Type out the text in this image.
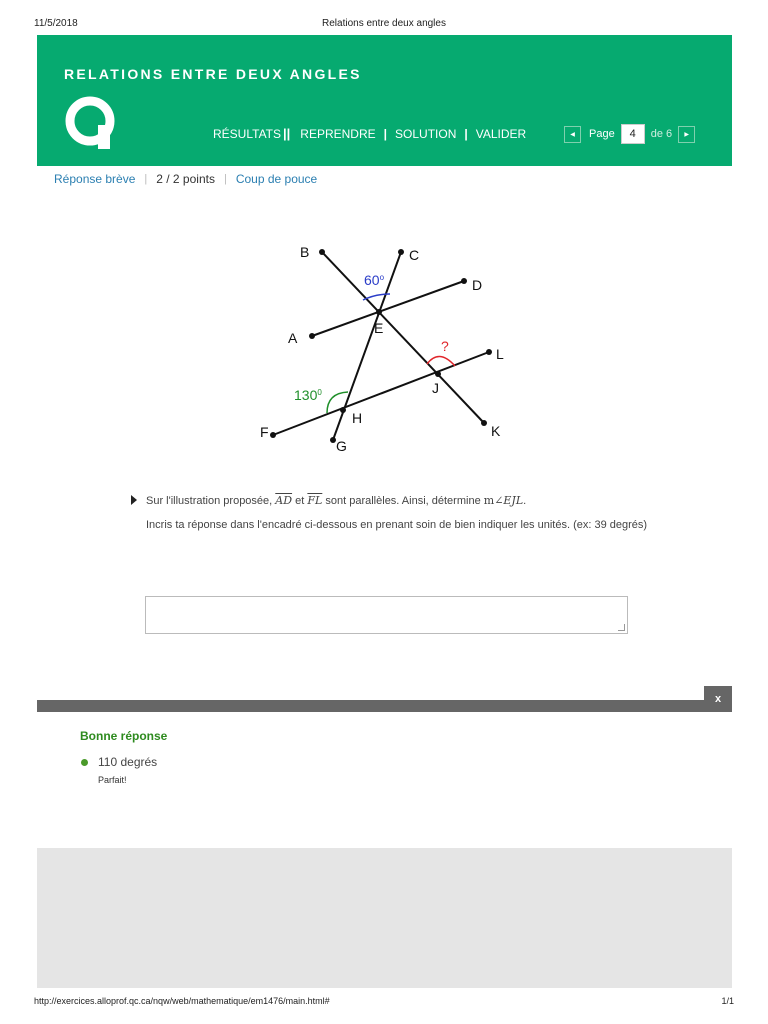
11/5/2018	Relations entre deux angles
RELATIONS ENTRE DEUX ANGLES
RÉSULTATS || REPRENDRE | SOLUTION | VALIDER	◀ Page	4	de 6 ▶
Réponse brève | 2 / 2 points | Coup de pouce
B	C
D
A
E
L
J
H
F
G
K
60$^o$
?
$130^0$

Sur l'illustration proposée, $\overline{AD}$ et $\overline{FL}$ sont parallèles. Ainsi, détermine m∠EJL.

Incris ta réponse dans l'encadré ci-dessous en prenant soin de bien indiquer les unités. (ex: 39 degrés)

x
Bonne réponse
110 degrés
Parfait!
http://exercices.alloprof.qc.ca/nqw/web/mathematique/em1476/main.html#	1/1
